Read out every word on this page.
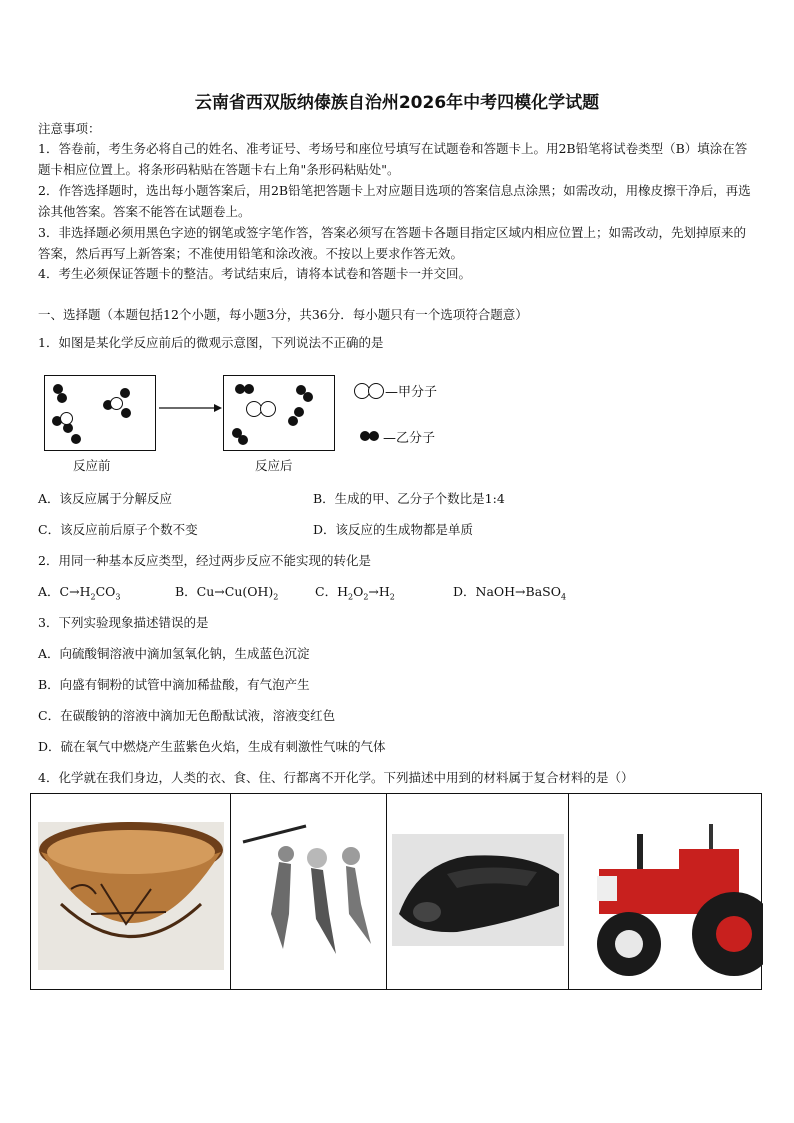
云南省西双版纳傣族自治州2026年中考四模化学试题
注意事项：
1．答卷前，考生务必将自己的姓名、准考证号、考场号和座位号填写在试题卷和答题卡上。用2B铅笔将试卷类型（B）填涂在答题卡相应位置上。将条形码粘贴在答题卡右上角"条形码粘贴处"。
2．作答选择题时，选出每小题答案后，用2B铅笔把答题卡上对应题目选项的答案信息点涂黑；如需改动，用橡皮擦干净后，再选涂其他答案。答案不能答在试题卷上。
3．非选择题必须用黑色字迹的钢笔或签字笔作答，答案必须写在答题卡各题目指定区域内相应位置上；如需改动，先划掉原来的答案，然后再写上新答案；不准使用铅笔和涂改液。不按以上要求作答无效。
4．考生必须保证答题卡的整洁。考试结束后，请将本试卷和答题卡一并交回。
一、选择题（本题包括12个小题，每小题3分，共36分．每小题只有一个选项符合题意）
1．如图是某化学反应前后的微观示意图，下列说法不正确的是
反应前	反应后
—甲分子
—乙分子
A．该反应属于分解反应	B．生成的甲、乙分子个数比是1:4
C．该反应前后原子个数不变	D．该反应的生成物都是单质
2．用同一种基本反应类型，经过两步反应不能实现的转化是
A．$C\to H_2CO_3$	B．$Cu\to Cu(OH)_2$	C．$H_2O_2\to H_2$	D．NaOH→BaSO$_4$
3．下列实验现象描述错误的是
A．向硫酸铜溶液中滴加氢氧化钠，生成蓝色沉淀
B．向盛有铜粉的试管中滴加稀盐酸，有气泡产生
C．在碳酸钠的溶液中滴加无色酚酞试液，溶液变红色
D．硫在氧气中燃烧产生蓝紫色火焰，生成有刺激性气味的气体
4．化学就在我们身边，人类的衣、食、住、行都离不开化学。下列描述中用到的材料属于复合材料的是（）
